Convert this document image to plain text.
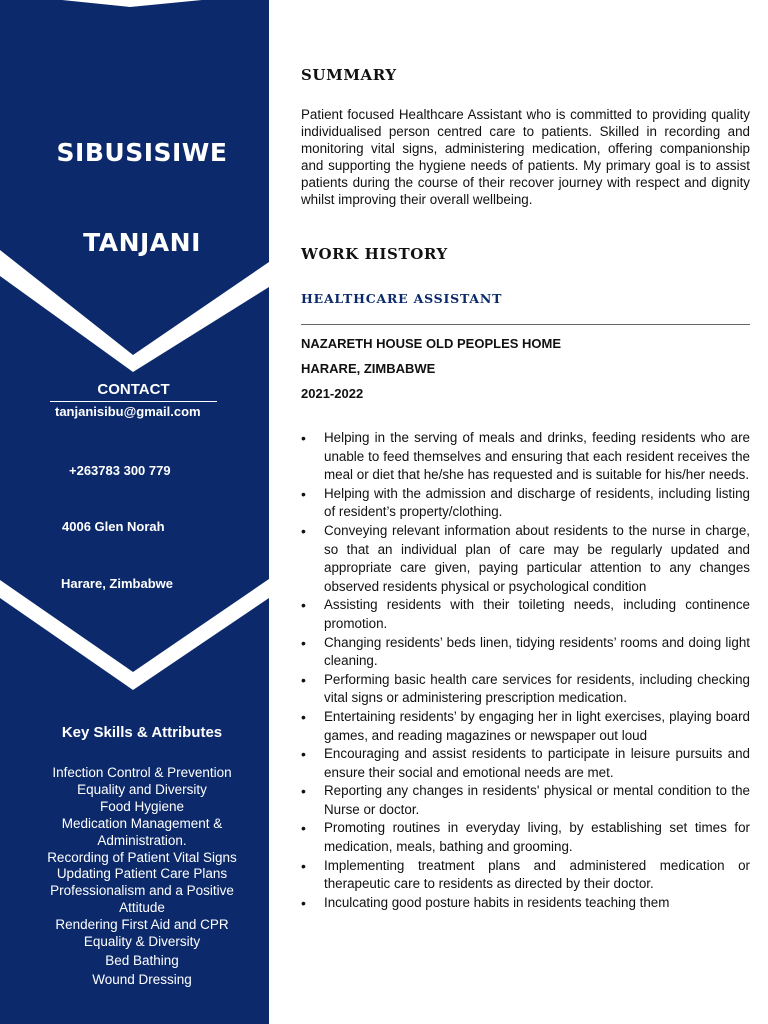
SIBUSISIWE
TANJANI
CONTACT
tanjanisibu@gmail.com
+263783 300 779
4006 Glen Norah
Harare, Zimbabwe
Key Skills & Attributes
Infection Control & Prevention
Equality and Diversity
Food Hygiene
Medication Management &
Administration.
Recording of Patient Vital Signs
Updating Patient Care Plans
Professionalism and a Positive
Attitude
Rendering First Aid and CPR
Equality & Diversity
Bed Bathing
Wound Dressing
SUMMARY
Patient focused Healthcare Assistant who is committed to providing quality individualised person centred care to patients. Skilled in recording and monitoring vital signs, administering medication, offering companionship and supporting the hygiene needs of patients. My primary goal is to assist patients during the course of their recover journey with respect and dignity whilst improving their overall wellbeing.
WORK HISTORY
HEALTHCARE ASSISTANT
NAZARETH HOUSE OLD PEOPLES HOME
HARARE, ZIMBABWE
2021-2022
• Helping in the serving of meals and drinks, feeding residents who are unable to feed themselves and ensuring that each resident receives the meal or diet that he/she has requested and is suitable for his/her needs.
• Helping with the admission and discharge of residents, including listing of resident’s property/clothing.
• Conveying relevant information about residents to the nurse in charge, so that an individual plan of care may be regularly updated and appropriate care given, paying particular attention to any changes observed residents physical or psychological condition
• Assisting residents with their toileting needs, including continence promotion.
• Changing residents’ beds linen, tidying residents’ rooms and doing light cleaning.
• Performing basic health care services for residents, including checking vital signs or administering prescription medication.
• Entertaining residents’ by engaging her in light exercises, playing board games, and reading magazines or newspaper out loud
• Encouraging and assist residents to participate in leisure pursuits and ensure their social and emotional needs are met.
• Reporting any changes in residents' physical or mental condition to the Nurse or doctor.
• Promoting routines in everyday living, by establishing set times for medication, meals, bathing and grooming.
• Implementing treatment plans and administered medication or therapeutic care to residents as directed by their doctor.
• Inculcating good posture habits in residents teaching them
